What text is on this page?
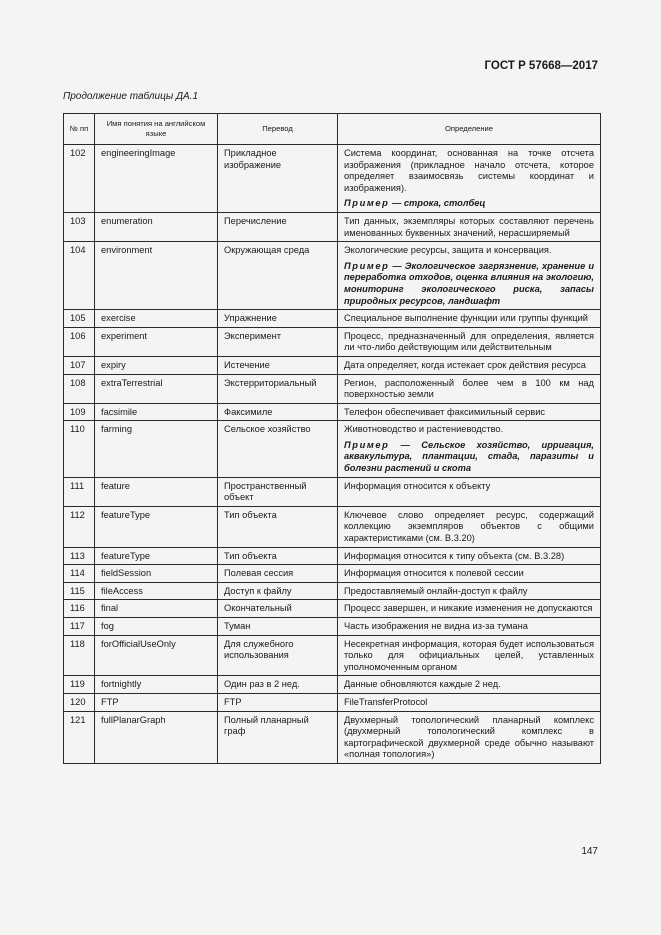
ГОСТ Р 57668—2017
Продолжение таблицы ДА.1
№ пп	Имя понятия на английском языке	Перевод	Определение
102	engineeringImage	Прикладное изображение	Система координат, основанная на точке отсчета изображения (прикладное начало отсчета, которое определяет взаимосвязь системы координат и изображения).
Пример — строка, столбец

103	enumeration	Перечисление	Тип данных, экземпляры которых составляют перечень именованных буквенных значений, нерасширяемый

104	environment	Окружающая среда	Экологические ресурсы, защита и консервация.
Пример — Экологическое загрязнение, хранение и переработка отходов, оценка влияния на экологию, мониторинг экологического риска, запасы природных ресурсов, ландшафт

105	exercise	Упражнение	Специальное выполнение функции или группы функций

106	experiment	Эксперимент	Процесс, предназначенный для определения, является ли что-либо действующим или действительным

107	expiry	Истечение	Дата определяет, когда истекает срок действия ресурса

108	extraTerrestrial	Экстерриториальный	Регион, расположенный более чем в 100 км над поверхностью земли

109	facsimile	Факсимиле	Телефон обеспечивает факсимильный сервис

110	farming	Сельское хозяйство	Животноводство и растениеводство.
Пример — Сельское хозяйство, ирригация, аквакультура, плантации, стада, паразиты и болезни растений и скота

111	feature	Пространственный объект	Информация относится к объекту

112	featureType	Тип объекта	Ключевое слово определяет ресурс, содержащий коллекцию экземпляров объектов с общими характеристиками (см. В.3.20)

113	featureType	Тип объекта	Информация относится к типу объекта (см. В.3.28)

114	fieldSession	Полевая сессия	Информация относится к полевой сессии

115	fileAccess	Доступ к файлу	Предоставляемый онлайн-доступ к файлу

116	final	Окончательный	Процесс завершен, и никакие изменения не допускаются

117	fog	Туман	Часть изображения не видна из-за тумана

118	forOfficialUseOnly	Для служебного использования	Несекретная информация, которая будет использоваться только для официальных целей, уставленных уполномоченным органом

119	fortnightly	Один раз в 2 нед.	Данные обновляются каждые 2 нед.

120	FTP	FTP	FileTransferProtocol

121	fullPlanarGraph	Полный планарный граф	Двухмерный топологический планарный комплекс (двухмерный топологический комплекс в картографической двухмерной среде обычно называют «полная топология»)
147
